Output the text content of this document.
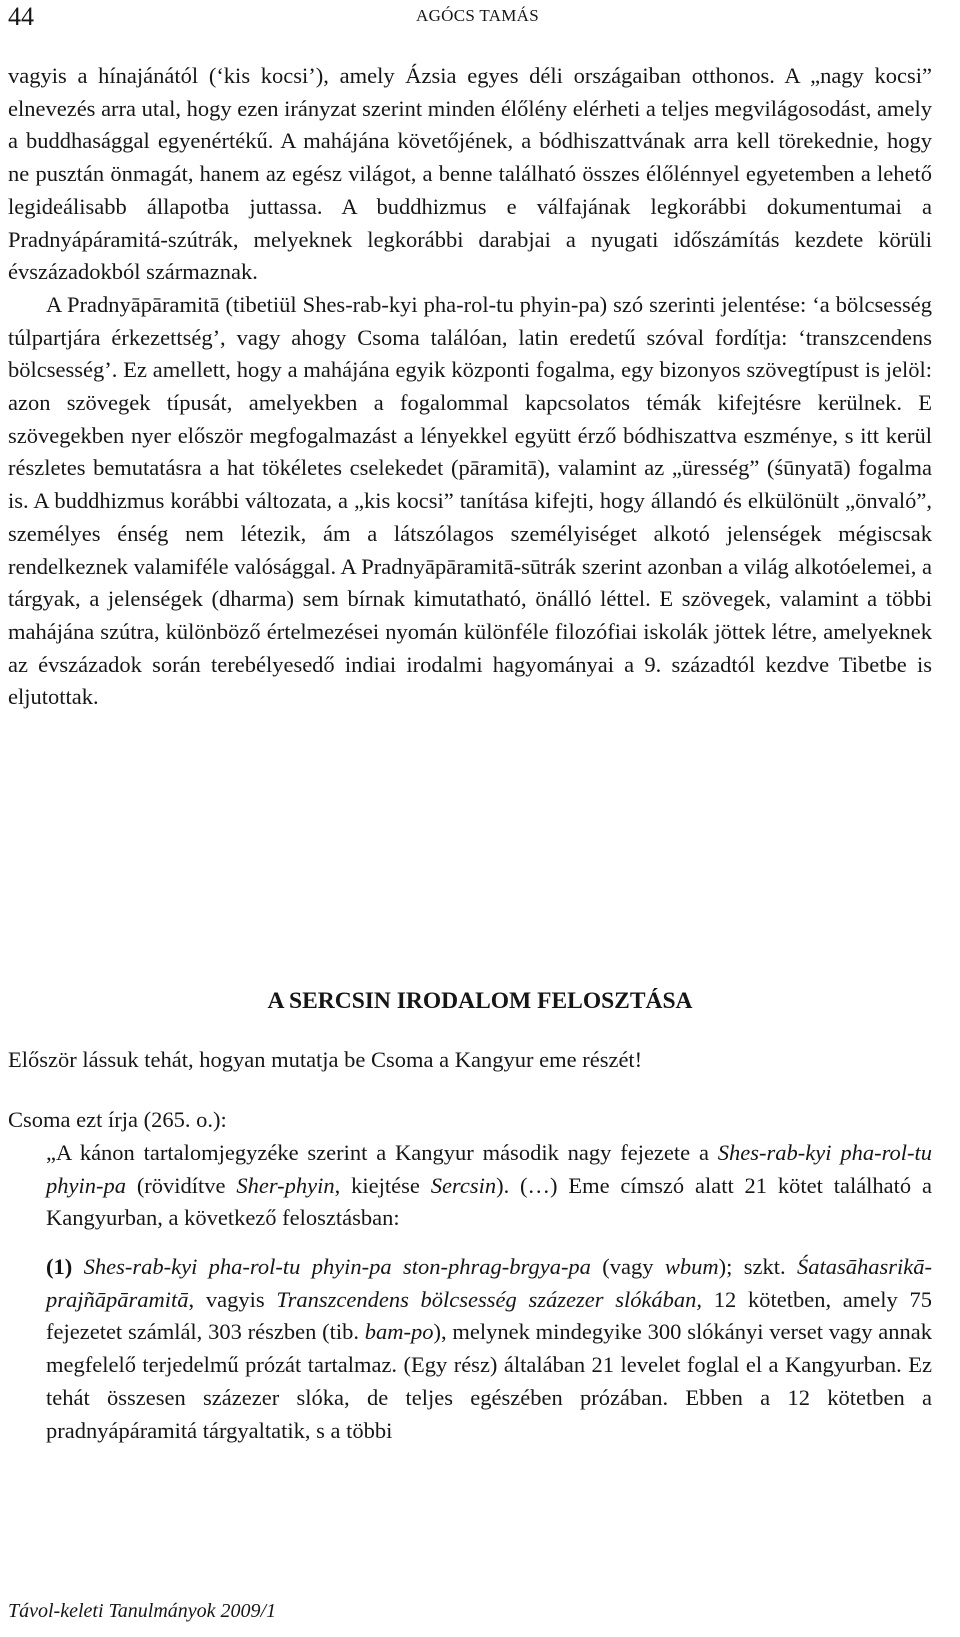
44	AGÓCS TAMÁS

vagyis a hínajánától (‘kis kocsi’), amely Ázsia egyes déli országaiban otthonos. A „nagy kocsi” elnevezés arra utal, hogy ezen irányzat szerint minden élőlény elérheti a teljes megvilágosodást, amely a buddhasággal egyenértékű. A mahájána követőjének, a bódhiszattvának arra kell törekednie, hogy ne pusztán önmagát, hanem az egész világot, a benne található összes élőlénnyel egyetemben a lehető legideálisabb állapotba juttassa. A buddhizmus e válfajának legkorábbi dokumentumai a Pradnyápáramitá-szútrák, melyeknek legkorábbi darabjai a nyugati időszámítás kezdete körüli évszázadokból származnak.

A Pradnyāpāramitā (tibetiül Shes-rab-kyi pha-rol-tu phyin-pa) szó szerinti jelentése: ‘a bölcsesség túlpartjára érkezettség’, vagy ahogy Csoma találóan, latin eredetű szóval fordítja: ‘transzcendens bölcsesség’. Ez amellett, hogy a mahájána egyik központi fogalma, egy bizonyos szövegtípust is jelöl: azon szövegek típusát, amelyekben a fogalommal kapcsolatos témák kifejtésre kerülnek. E szövegekben nyer először megfogalmazást a lényekkel együtt érző bódhiszattva eszménye, s itt kerül részletes bemutatásra a hat tökéletes cselekedet (pāramitā), valamint az „üresség” (śūnyatā) fogalma is. A buddhizmus korábbi változata, a „kis kocsi” tanítása kifejti, hogy állandó és elkülönült „önvaló”, személyes énség nem létezik, ám a látszólagos személyiséget alkotó jelenségek mégiscsak rendelkeznek valamiféle valósággal. A Pradnyāpāramitā-sūtrák szerint azonban a világ alkotóelemei, a tárgyak, a jelenségek (dharma) sem bírnak kimutatható, önálló léttel. E szövegek, valamint a többi mahájána szútra, különböző értelmezései nyomán különféle filozófiai iskolák jöttek létre, amelyeknek az évszázadok során terebélyesedő indiai irodalmi hagyományai a 9. századtól kezdve Tibetbe is eljutottak.

A SERCSIN IRODALOM FELOSZTÁSA
Először lássuk tehát, hogyan mutatja be Csoma a Kangyur eme részét!
Csoma ezt írja (265. o.):

„A kánon tartalomjegyzéke szerint a Kangyur második nagy fejezete a Shes-rab-kyi pha-rol-tu phyin-pa (rövidítve Sher-phyin, kiejtése Sercsin). (…) Eme címszó alatt 21 kötet található a Kangyurban, a következő felosztásban:

(1) Shes-rab-kyi pha-rol-tu phyin-pa ston-phrag-brgya-pa (vagy wbum); szkt. Śatasāhasrikā-prajñāpāramitā, vagyis Transzcendens bölcsesség százezer slókában, 12 kötetben, amely 75 fejezetet számlál, 303 részben (tib. bam-po), melynek mindegyike 300 slókányi verset vagy annak megfelelő terjedelmű prózát tartalmaz. (Egy rész) általában 21 levelet foglal el a Kangyurban. Ez tehát összesen százezer slóka, de teljes egészében prózában. Ebben a 12 kötetben a pradnyápáramitá tárgyaltatik, s a többi

Távol-keleti Tanulmányok 2009/1
